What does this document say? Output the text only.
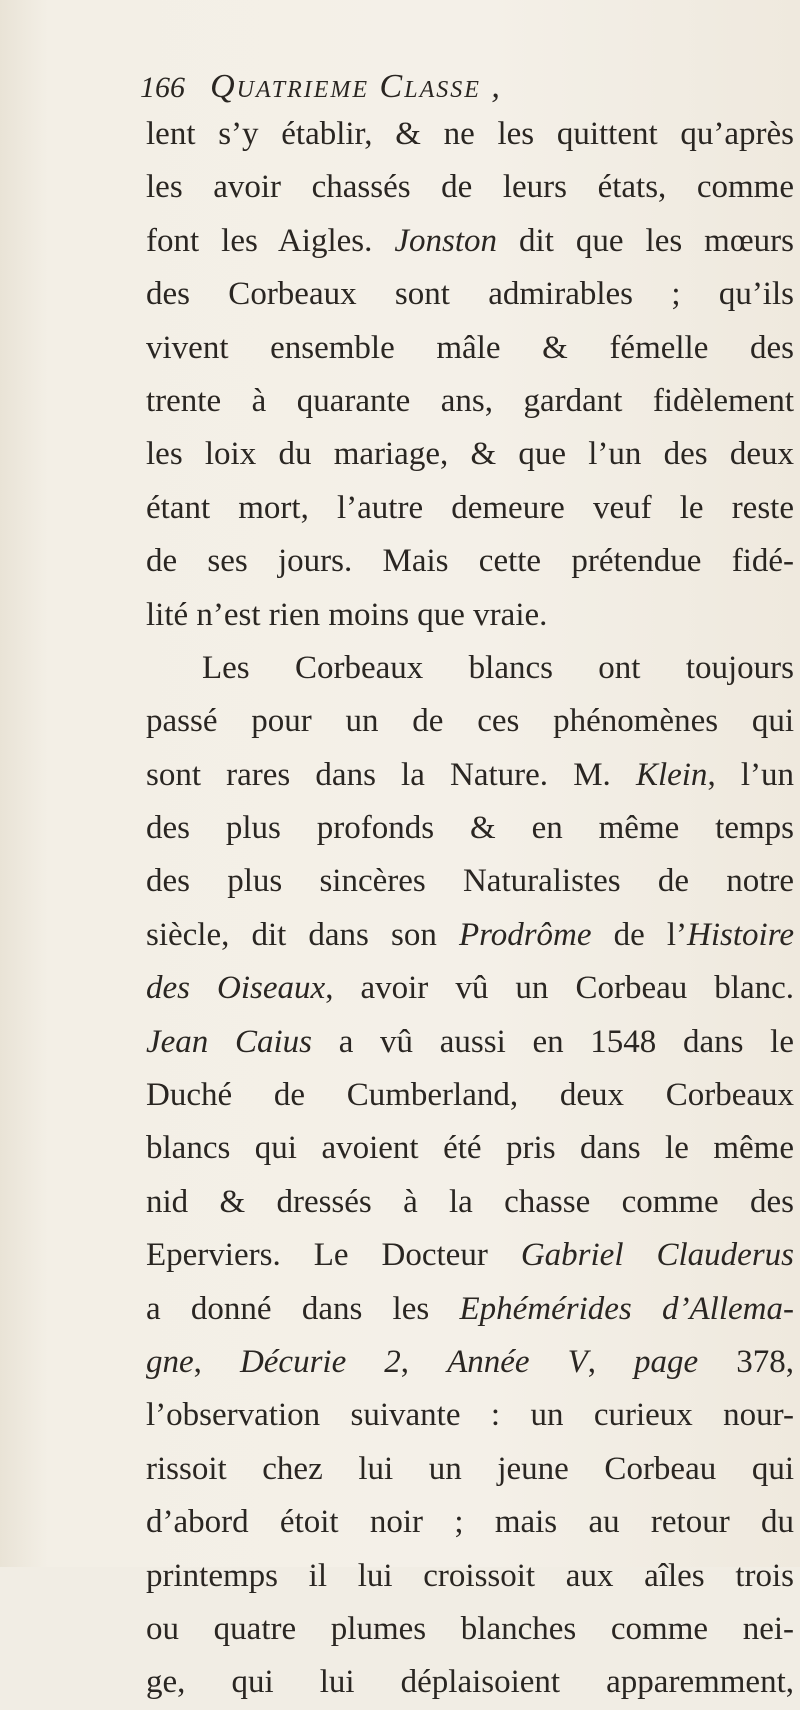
166 Quatrieme Classe ,
lent s’y établir, & ne les quittent qu’après
les avoir chassés de leurs états, comme
font les Aigles. Jonston dit que les mœurs
des Corbeaux sont admirables ; qu’ils
vivent ensemble mâle & fémelle des
trente à quarante ans, gardant fidèlement
les loix du mariage, & que l’un des deux
étant mort, l’autre demeure veuf le reste
de ses jours. Mais cette prétendue fidé-
lité n’est rien moins que vraie.
Les Corbeaux blancs ont toujours
passé pour un de ces phénomènes qui
sont rares dans la Nature. M. Klein, l’un
des plus profonds & en même temps
des plus sincères Naturalistes de notre
siècle, dit dans son Prodrôme de l’Histoire
des Oiseaux, avoir vû un Corbeau blanc.
Jean Caius a vû aussi en 1548 dans le
Duché de Cumberland, deux Corbeaux
blancs qui avoient été pris dans le même
nid & dressés à la chasse comme des
Eperviers. Le Docteur Gabriel Clauderus
a donné dans les Ephémérides d’Allema-
gne, Décurie 2, Année V, page 378,
l’observation suivante : un curieux nour-
rissoit chez lui un jeune Corbeau qui
d’abord étoit noir ; mais au retour du
printemps il lui croissoit aux aîles trois
ou quatre plumes blanches comme nei-
ge, qui lui déplaisoient apparemment,
